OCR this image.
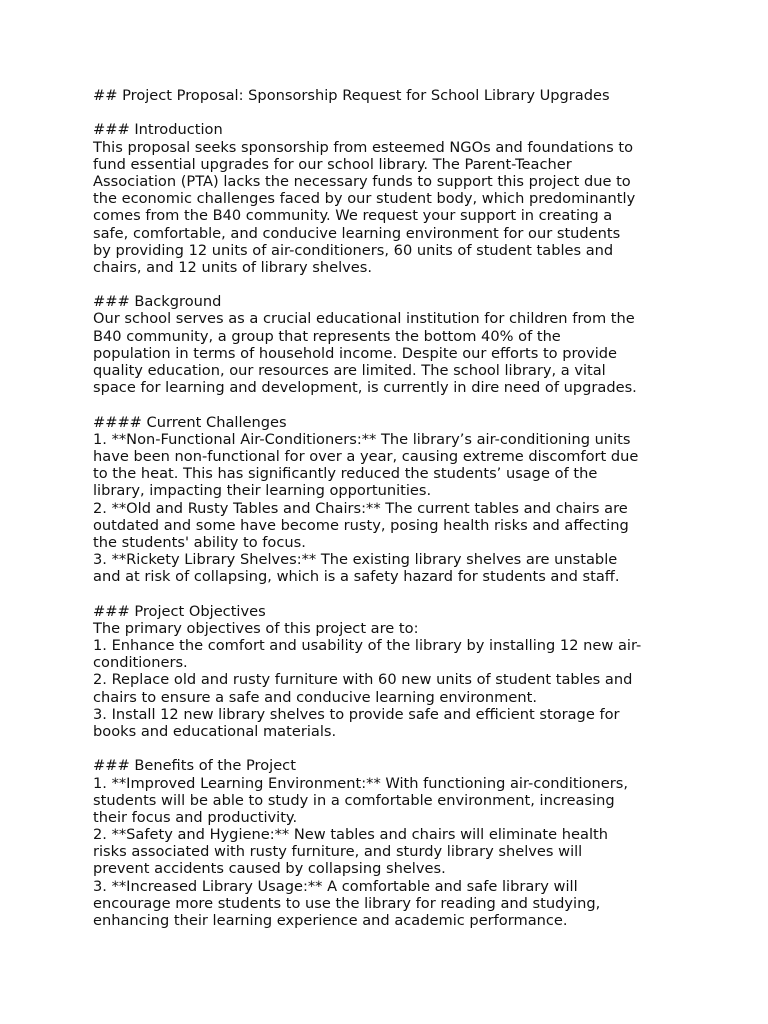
## Project Proposal: Sponsorship Request for School Library Upgrades
### Introduction
This proposal seeks sponsorship from esteemed NGOs and foundations to
fund essential upgrades for our school library. The Parent-Teacher
Association (PTA) lacks the necessary funds to support this project due to
the economic challenges faced by our student body, which predominantly
comes from the B40 community. We request your support in creating a
safe, comfortable, and conducive learning environment for our students
by providing 12 units of air-conditioners, 60 units of student tables and
chairs, and 12 units of library shelves.
### Background
Our school serves as a crucial educational institution for children from the
B40 community, a group that represents the bottom 40% of the
population in terms of household income. Despite our efforts to provide
quality education, our resources are limited. The school library, a vital
space for learning and development, is currently in dire need of upgrades.
#### Current Challenges
1. **Non-Functional Air-Conditioners:** The library’s air-conditioning units
have been non-functional for over a year, causing extreme discomfort due
to the heat. This has significantly reduced the students’ usage of the
library, impacting their learning opportunities.
2. **Old and Rusty Tables and Chairs:** The current tables and chairs are
outdated and some have become rusty, posing health risks and affecting
the students' ability to focus.
3. **Rickety Library Shelves:** The existing library shelves are unstable
and at risk of collapsing, which is a safety hazard for students and staff.
### Project Objectives
The primary objectives of this project are to:
1. Enhance the comfort and usability of the library by installing 12 new air-
conditioners.
2. Replace old and rusty furniture with 60 new units of student tables and
chairs to ensure a safe and conducive learning environment.
3. Install 12 new library shelves to provide safe and efficient storage for
books and educational materials.
### Benefits of the Project
1. **Improved Learning Environment:** With functioning air-conditioners,
students will be able to study in a comfortable environment, increasing
their focus and productivity.
2. **Safety and Hygiene:** New tables and chairs will eliminate health
risks associated with rusty furniture, and sturdy library shelves will
prevent accidents caused by collapsing shelves.
3. **Increased Library Usage:** A comfortable and safe library will
encourage more students to use the library for reading and studying,
enhancing their learning experience and academic performance.
